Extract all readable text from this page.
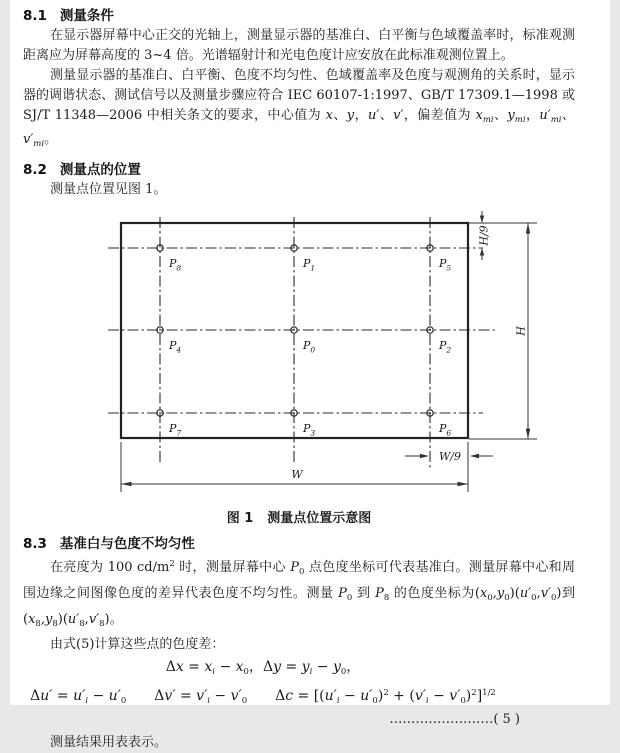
8.1 测量条件

在显示器屏幕中心正交的光轴上，测量显示器的基准白、白平衡与色域覆盖率时，标准观测距离应为屏幕高度的 3~4 倍。光谱辐射计和光电色度计应安放在此标准观测位置上。

测量显示器的基准白、白平衡、色度不均匀性、色域覆盖率及色度与观测角的关系时，显示器的调谐状态、测试信号以及测量步骤应符合 IEC 60107-1:1997、GB/T 17309.1—1998 或 SJ/T 11348—2006 中相关条文的要求，中心值为 x、y，u′、v′，偏差值为 $x_{mi}$、$y_{mi}$，$u'_{mi}$、$v'_{mi}$。

8.2 测量点的位置

测量点位置见图 1。

$P_8$	$P_1$	$P_5$
$P_4$	$P_0$	$P_2$
$P_7$	$P_3$	$P_6$
H/9
H
W/9
W
图 1 测量点位置示意图
8.3 基准白与色度不均匀性

在亮度为 100 $cd/m^2$ 时，测量屏幕中心 $P_0$ 点色度坐标可代表基准白。测量屏幕中心和周围边缘之间图像色度的差异代表色度不均匀性。测量 $P_0$ 到 $P_8$ 的色度坐标为$(x_0,y_0)(u'_0,v'_0)$到$(x_8,y_8)(u'_8,v'_8)$。

由式(5)计算这些点的色度差：

$\Delta x = x_i - x_0$，$\Delta y = y_i - y_0$，
$\Delta u' = u'_i - u'_0$　　$\Delta v' = v'_i - v'_0$　　$\Delta c = [(u'_i - u'_0)^2 + (v'_i - v'_0)^2]^{1/2}$
……………………( 5 )

测量结果用表表示。
